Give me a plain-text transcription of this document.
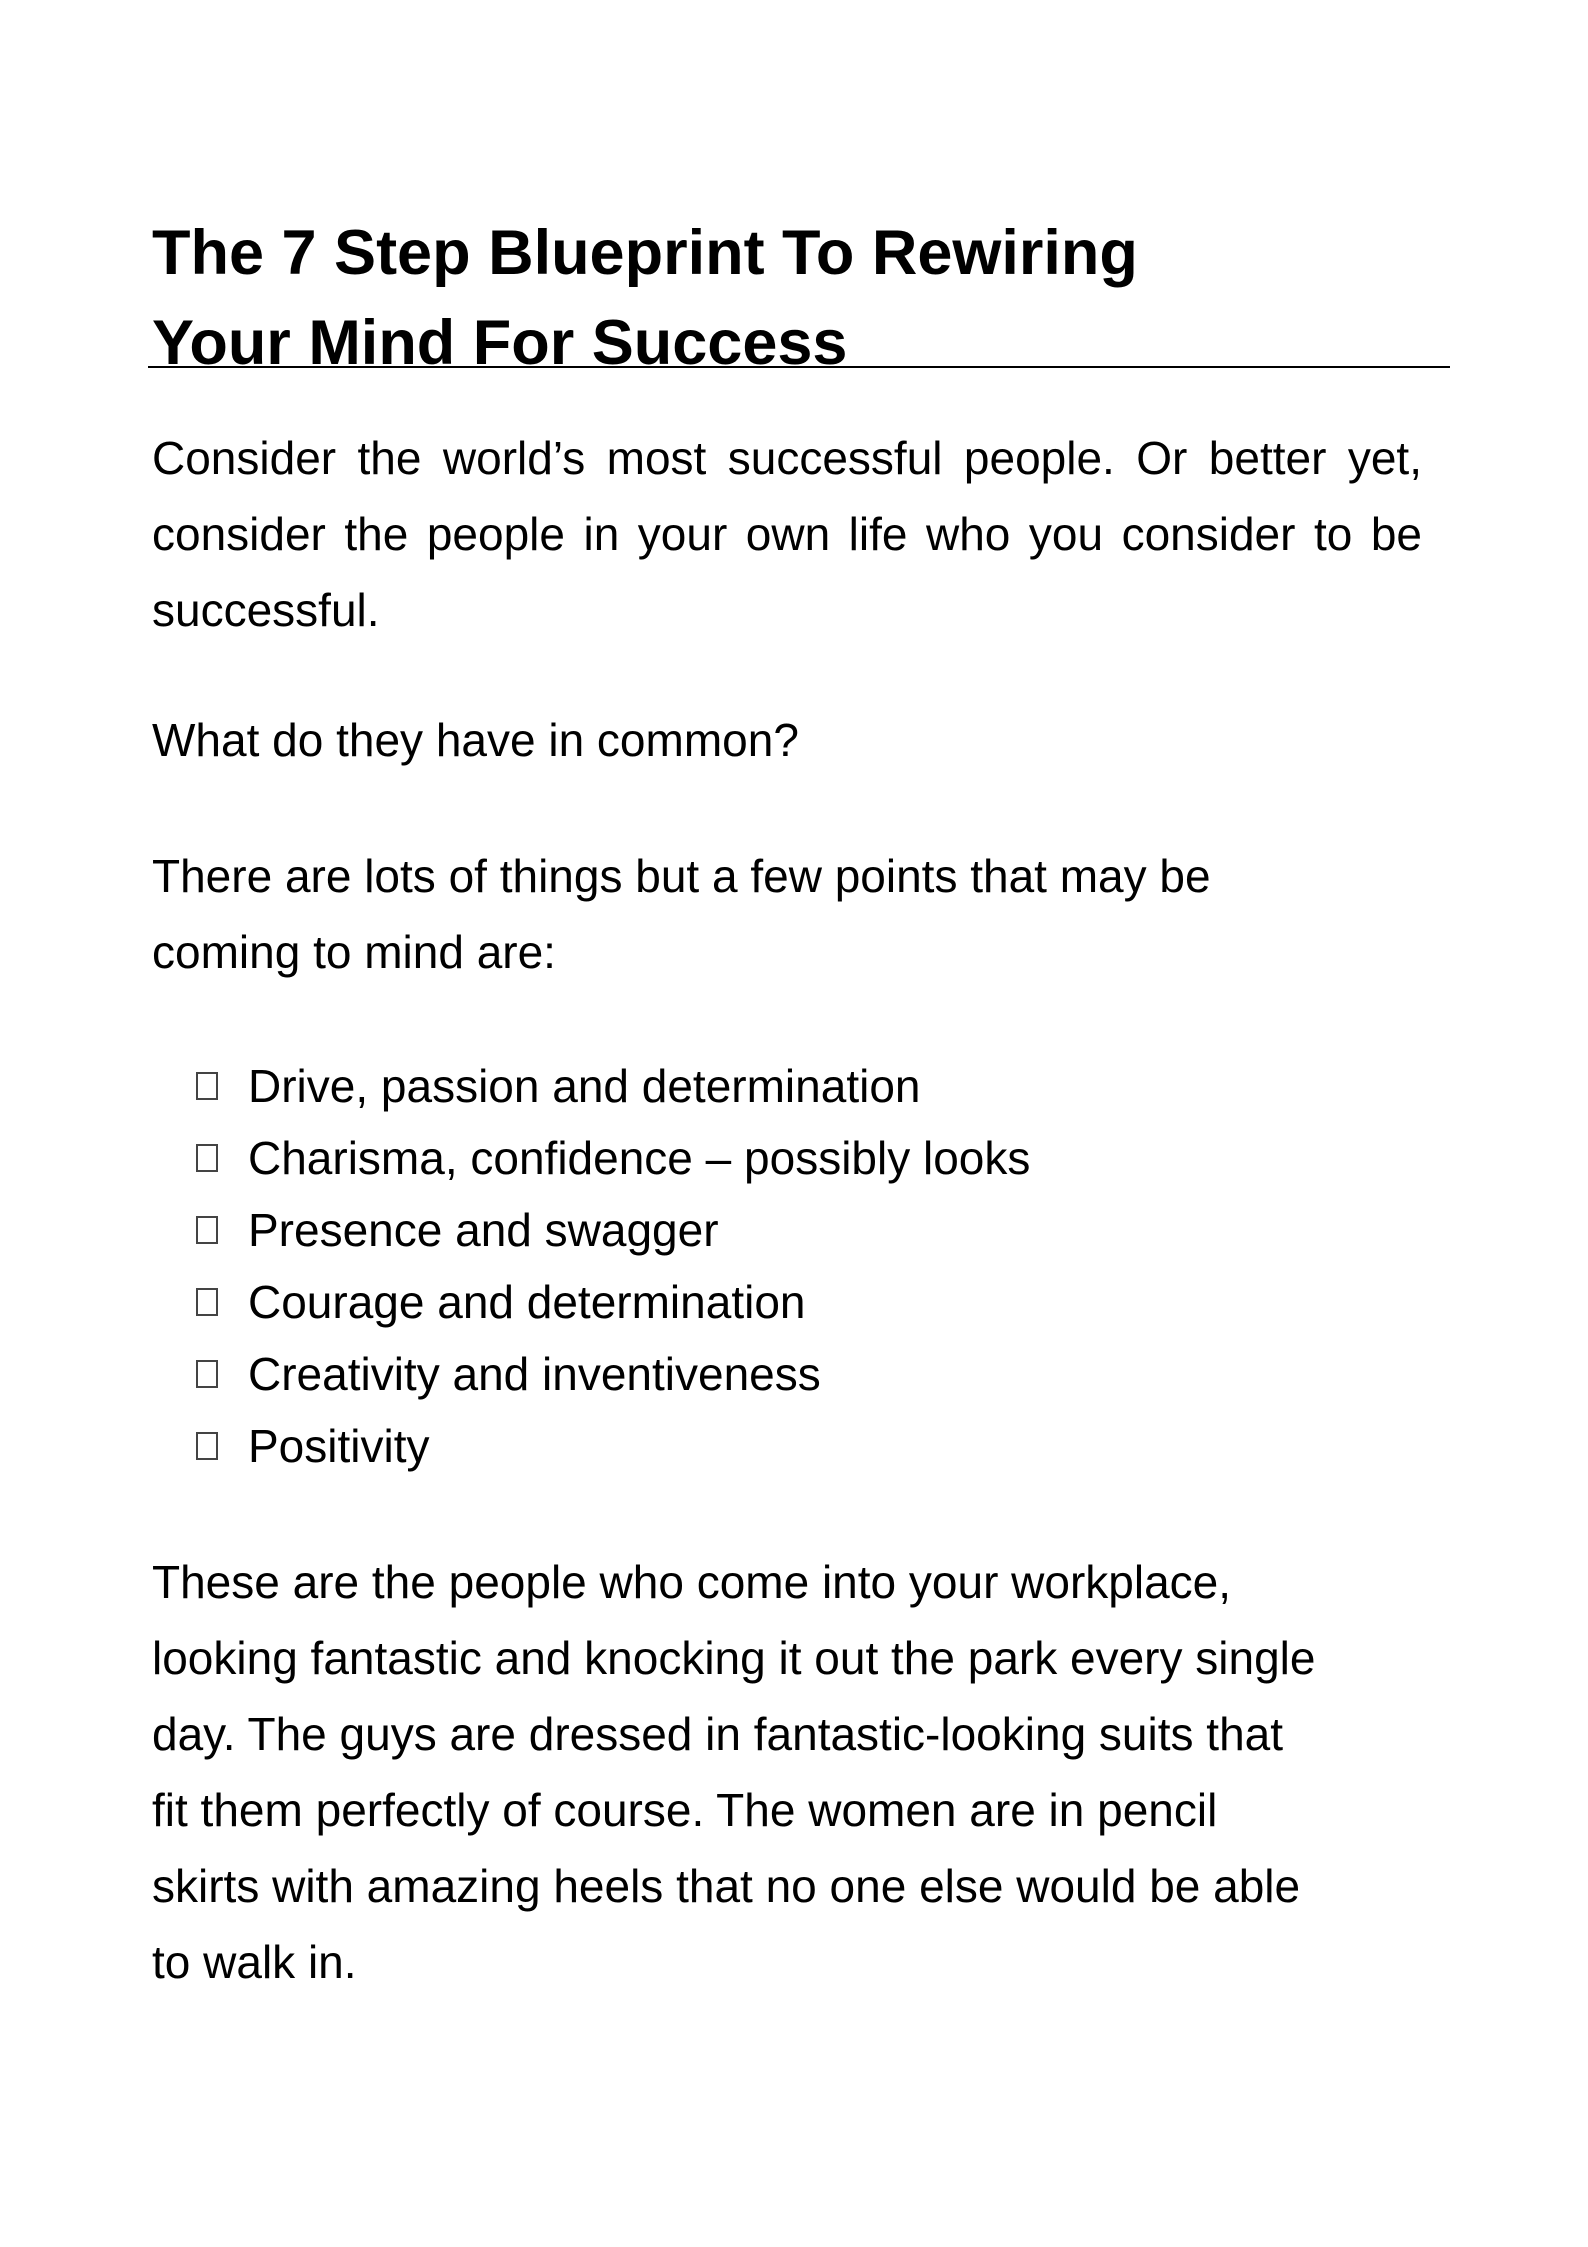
The 7 Step Blueprint To Rewiring
Your Mind For Success

Consider the world’s most successful people. Or better yet, consider the people in your own life who you consider to be successful.

What do they have in common?

There are lots of things but a few points that may be
coming to mind are:

Drive, passion and determination
Charisma, confidence – possibly looks
Presence and swagger
Courage and determination
Creativity and inventiveness
Positivity

These are the people who come into your workplace,
looking fantastic and knocking it out the park every single
day. The guys are dressed in fantastic-looking suits that
fit them perfectly of course. The women are in pencil
skirts with amazing heels that no one else would be able
to walk in.
